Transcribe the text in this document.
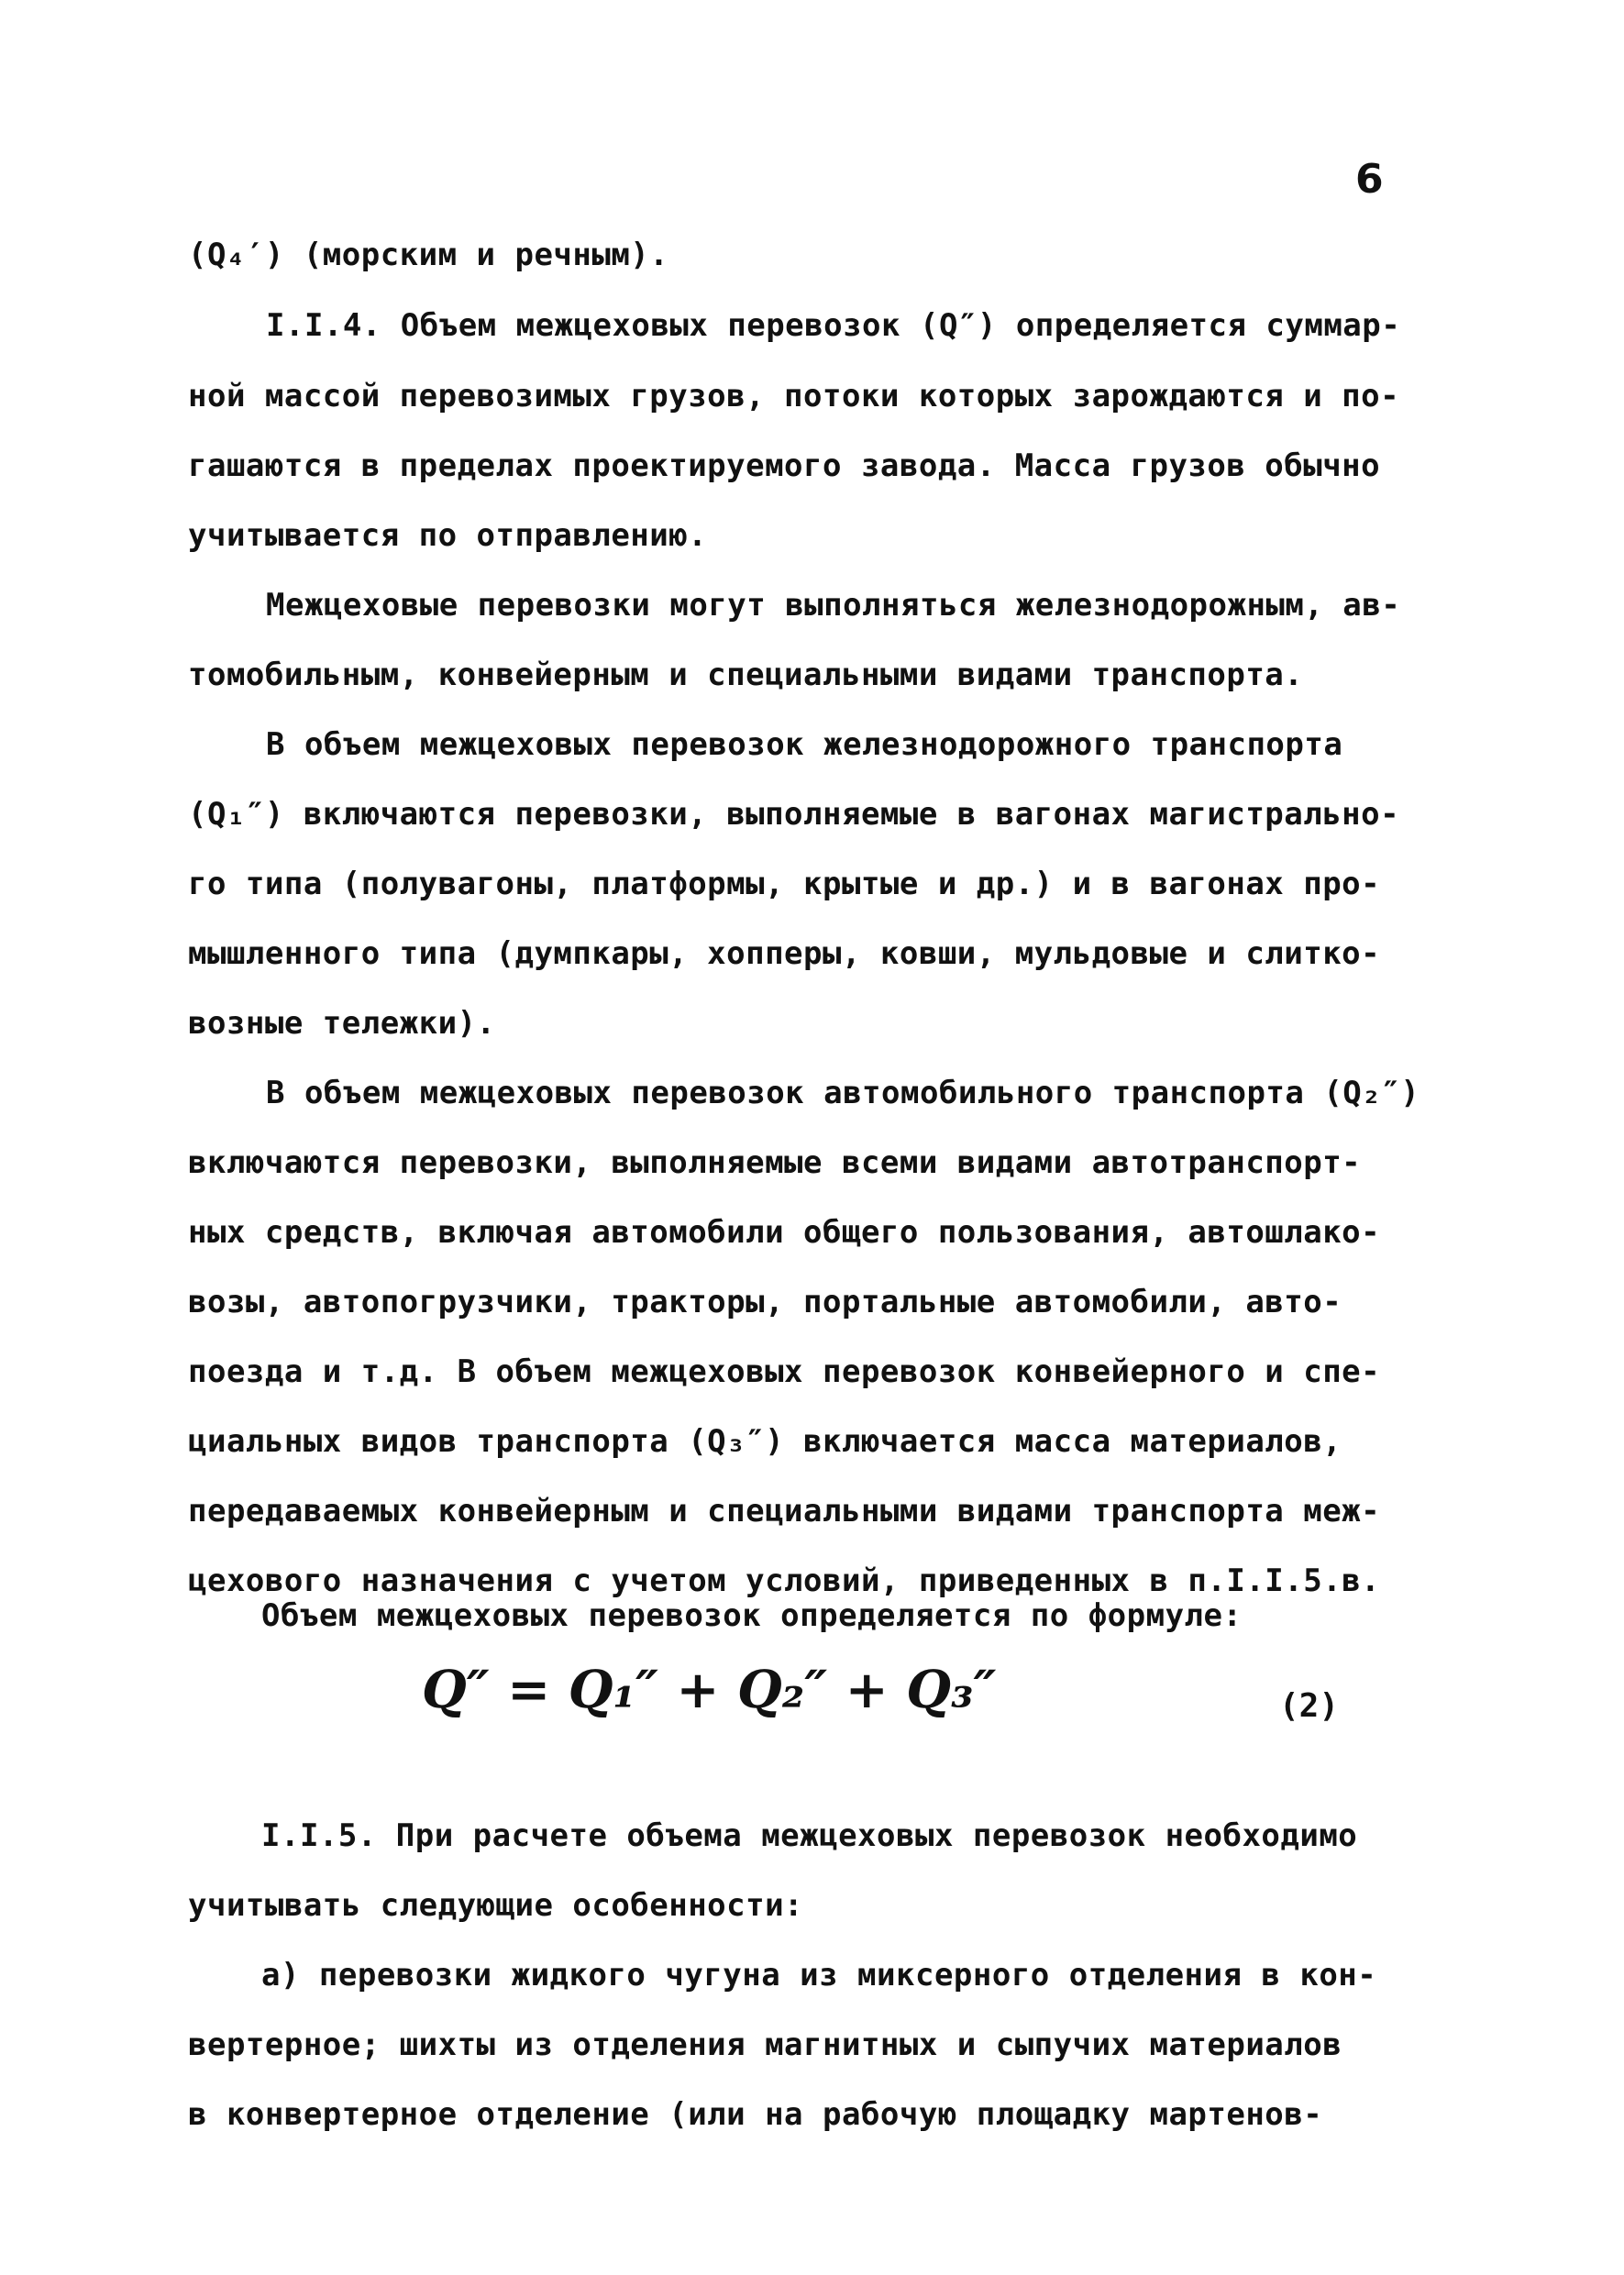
6
(Q₄′) (морским и речным).
I.I.4. Объем межцеховых перевозок (Q″) определяется суммар-
ной массой перевозимых грузов, потоки которых зарождаются и по-
гашаются в пределах проектируемого завода. Масса грузов обычно
учитывается по отправлению.
Межцеховые перевозки могут выполняться железнодорожным, ав-
томобильным, конвейерным и специальными видами транспорта.
В объем межцеховых перевозок железнодорожного транспорта
(Q₁″) включаются перевозки, выполняемые в вагонах магистрально-
го типа (полувагоны, платформы, крытые и др.) и в вагонах про-
мышленного типа (думпкары, хопперы, ковши, мульдовые и слитко-
возные тележки).
В объем межцеховых перевозок автомобильного транспорта (Q₂″)
включаются перевозки, выполняемые всеми видами автотранспорт-
ных средств, включая автомобили общего пользования, автошлако-
возы, автопогрузчики, тракторы, портальные автомобили, авто-
поезда и т.д. В объем межцеховых перевозок конвейерного и спе-
циальных видов транспорта (Q₃″) включается масса материалов,
передаваемых конвейерным и специальными видами транспорта меж-
цехового назначения с учетом условий, приведенных в п.I.I.5.в.
Объем межцеховых перевозок определяется по формуле:
Q″ = Q₁″ + Q₂″ + Q₃″	(2)
I.I.5. При расчете объема межцеховых перевозок необходимо
учитывать следующие особенности:
а) перевозки жидкого чугуна из миксерного отделения в кон-
вертерное; шихты из отделения магнитных и сыпучих материалов
в конвертерное отделение (или на рабочую площадку мартенов-
